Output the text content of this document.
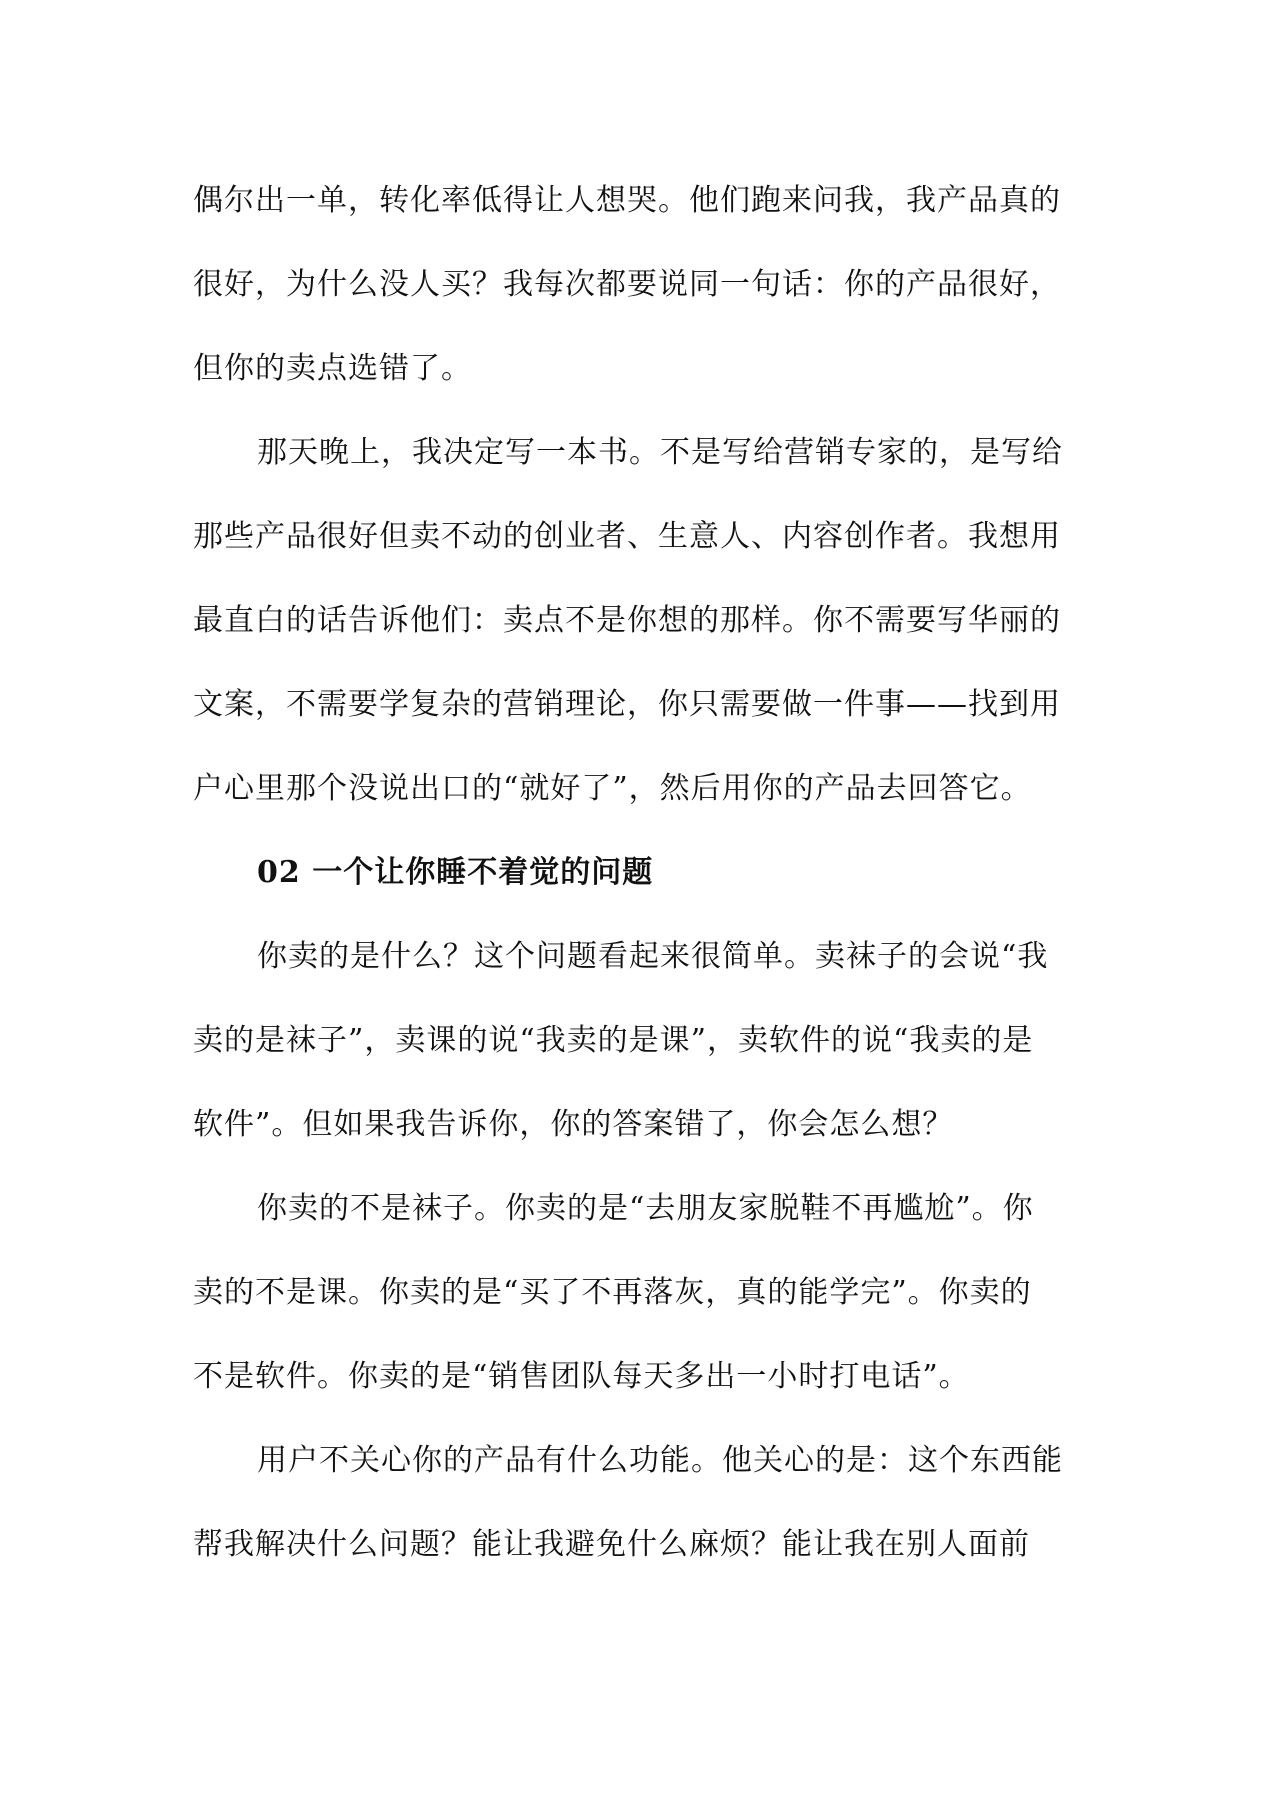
偶尔出一单，转化率低得让人想哭。他们跑来问我，我产品真的
很好，为什么没人买？我每次都要说同一句话：你的产品很好，
但你的卖点选错了。

那天晚上，我决定写一本书。不是写给营销专家的，是写给
那些产品很好但卖不动的创业者、生意人、内容创作者。我想用
最直白的话告诉他们：卖点不是你想的那样。你不需要写华丽的
文案，不需要学复杂的营销理论，你只需要做一件事——找到用
户心里那个没说出口的“就好了”，然后用你的产品去回答它。

02 一个让你睡不着觉的问题

你卖的是什么？这个问题看起来很简单。卖袜子的会说“我
卖的是袜子”，卖课的说“我卖的是课”，卖软件的说“我卖的是
软件”。但如果我告诉你，你的答案错了，你会怎么想？

你卖的不是袜子。你卖的是“去朋友家脱鞋不再尴尬”。你
卖的不是课。你卖的是“买了不再落灰，真的能学完”。你卖的
不是软件。你卖的是“销售团队每天多出一小时打电话”。

用户不关心你的产品有什么功能。他关心的是：这个东西能
帮我解决什么问题？能让我避免什么麻烦？能让我在别人面前
